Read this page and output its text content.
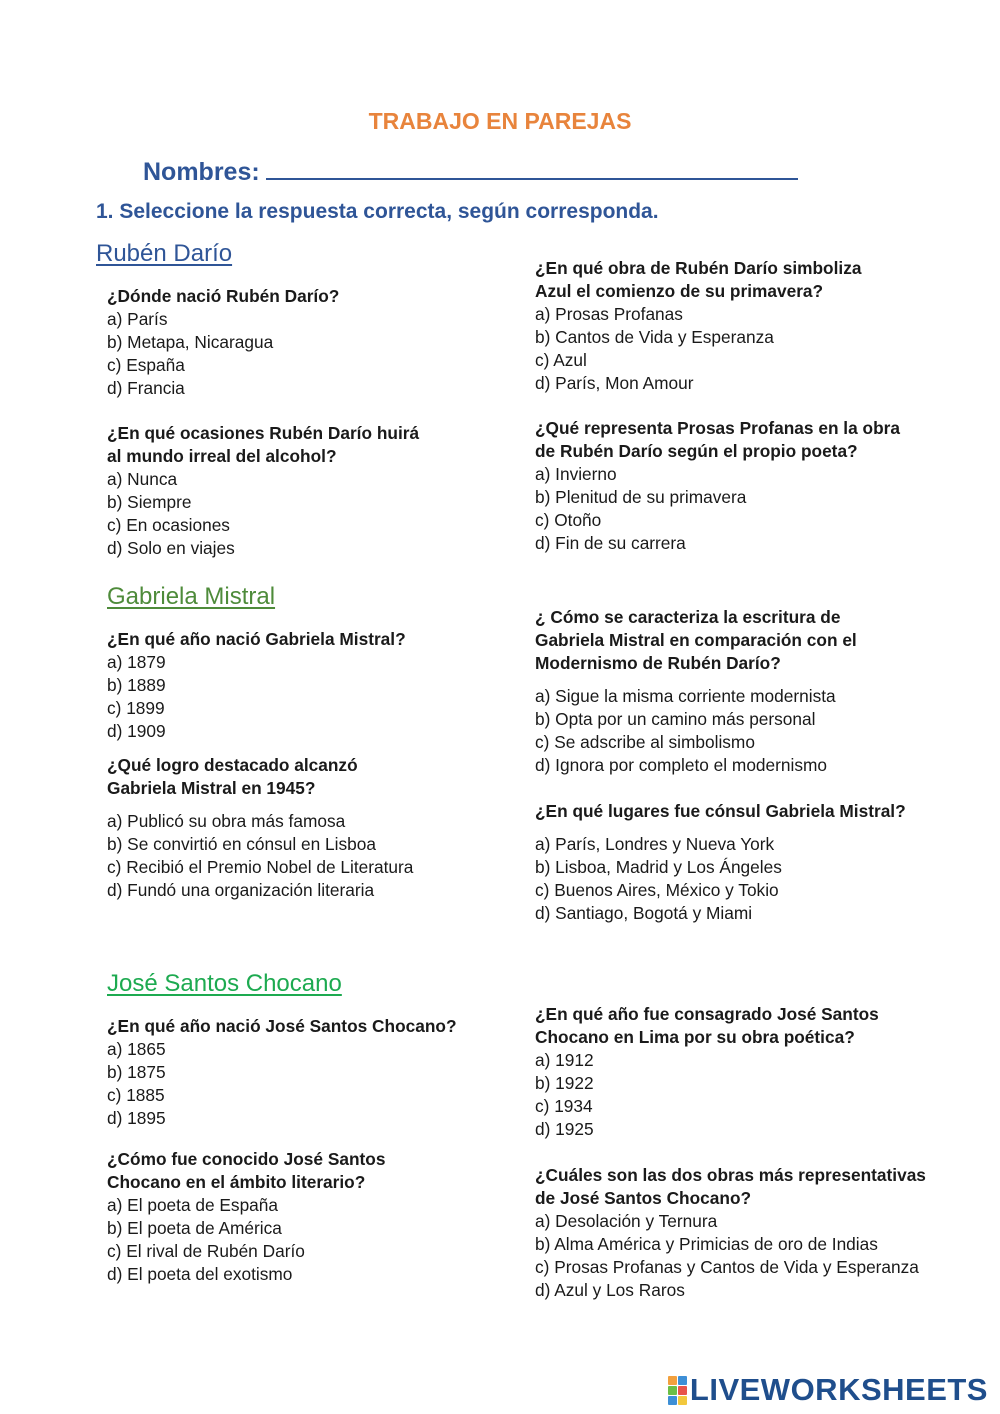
TRABAJO EN PAREJAS
Nombres:
1. Seleccione la respuesta correcta, según corresponda.
Rubén Darío
Gabriela Mistral
José Santos Chocano
¿Dónde nació Rubén Darío?
a) París
b) Metapa, Nicaragua
c) España
d) Francia
¿En qué ocasiones Rubén Darío huirá
al mundo irreal del alcohol?
a) Nunca
b) Siempre
c) En ocasiones
d) Solo en viajes
¿En qué obra de Rubén Darío simboliza
Azul el comienzo de su primavera?
a) Prosas Profanas
b) Cantos de Vida y Esperanza
c) Azul
d) París, Mon Amour
¿Qué representa Prosas Profanas en la obra
de Rubén Darío según el propio poeta?
a) Invierno
b) Plenitud de su primavera
c) Otoño
d) Fin de su carrera
¿En qué año nació Gabriela Mistral?
a) 1879
b) 1889
c) 1899
d) 1909
¿Qué logro destacado alcanzó
Gabriela Mistral en 1945?
a) Publicó su obra más famosa
b) Se convirtió en cónsul en Lisboa
c) Recibió el Premio Nobel de Literatura
d) Fundó una organización literaria
¿ Cómo se caracteriza la escritura de
Gabriela Mistral en comparación con el
Modernismo de Rubén Darío?
a) Sigue la misma corriente modernista
b) Opta por un camino más personal
c) Se adscribe al simbolismo
d) Ignora por completo el modernismo
¿En qué lugares fue cónsul Gabriela Mistral?
a) París, Londres y Nueva York
b) Lisboa, Madrid y Los Ángeles
c) Buenos Aires, México y Tokio
d) Santiago, Bogotá y Miami
¿En qué año nació José Santos Chocano?
a) 1865
b) 1875
c) 1885
d) 1895
¿Cómo fue conocido José Santos
Chocano en el ámbito literario?
a) El poeta de España
b) El poeta de América
c) El rival de Rubén Darío
d) El poeta del exotismo
¿En qué año fue consagrado José Santos
Chocano en Lima por su obra poética?
a) 1912
b) 1922
c) 1934
d) 1925
¿Cuáles son las dos obras más representativas
de José Santos Chocano?
a) Desolación y Ternura
b) Alma América y Primicias de oro de Indias
c) Prosas Profanas y Cantos de Vida y Esperanza
d) Azul y Los Raros
LIVEWORKSHEETS
